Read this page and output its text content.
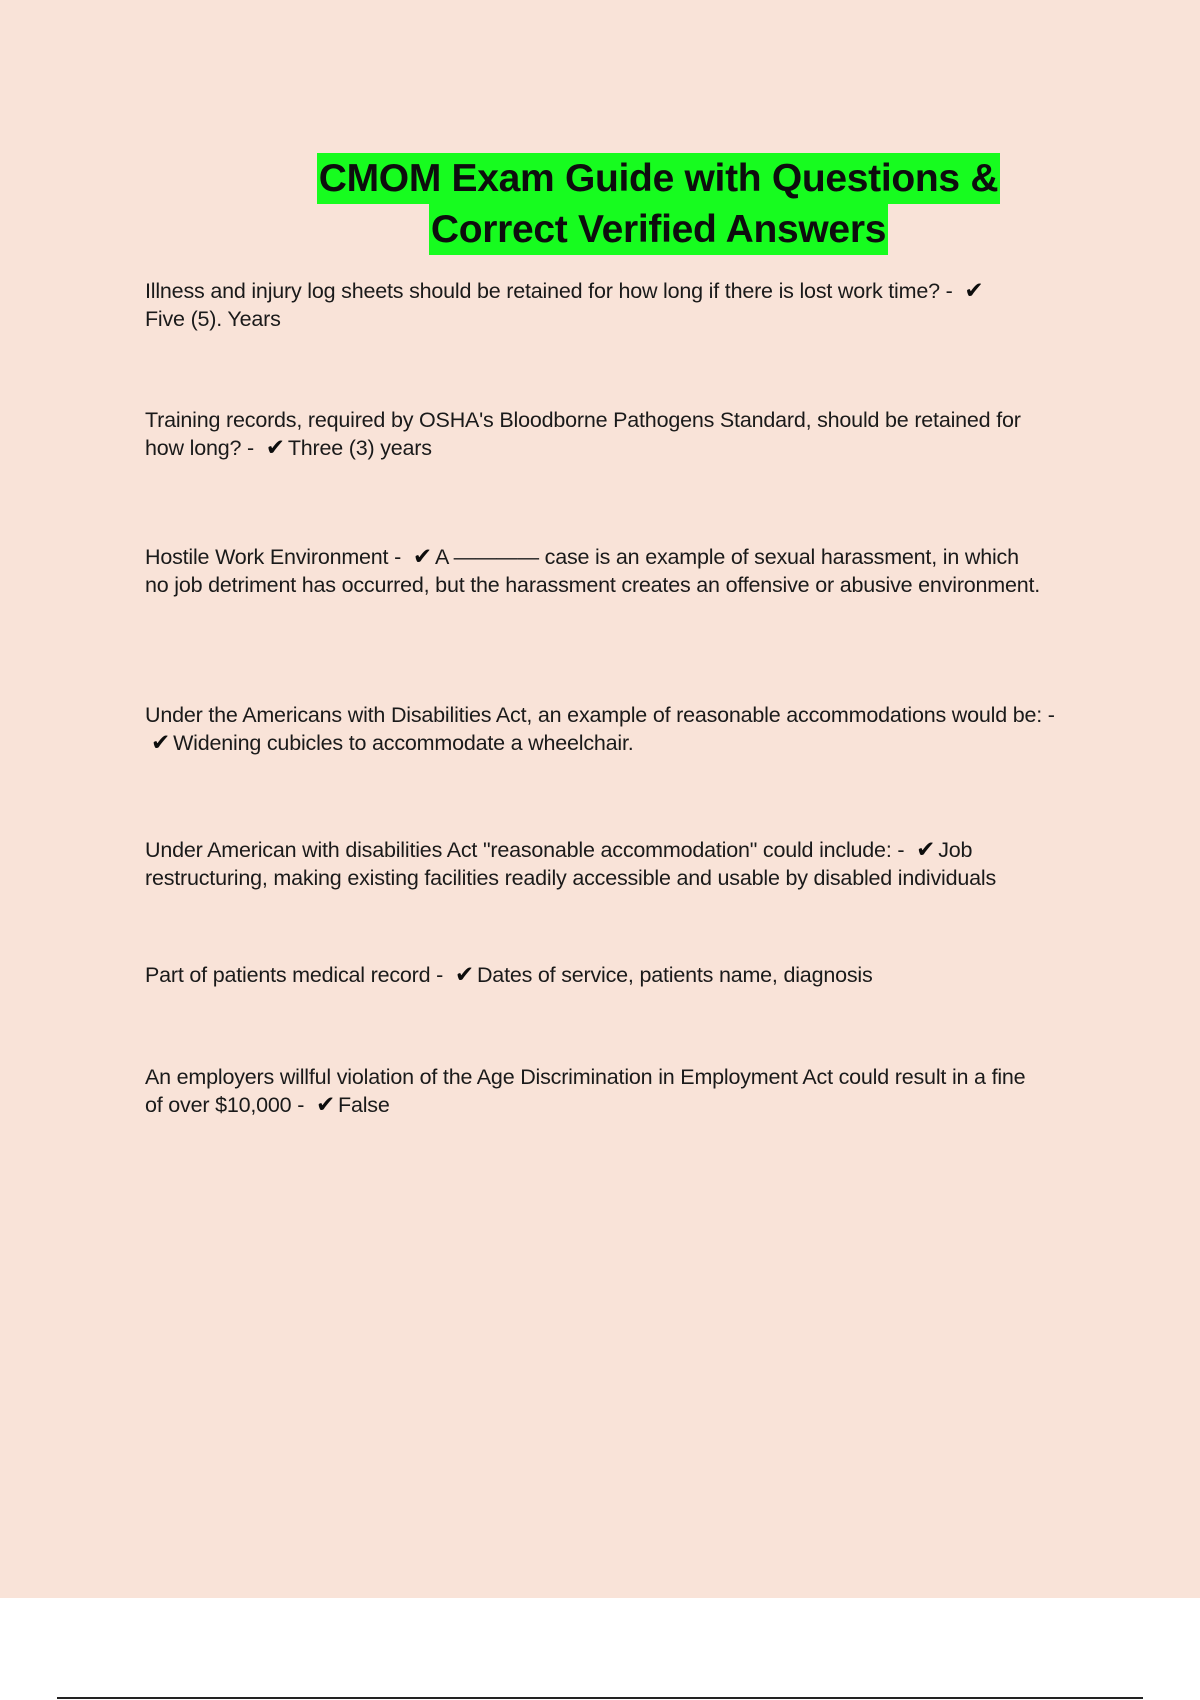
CMOM Exam Guide with Questions &
Correct Verified Answers

Illness and injury log sheets should be retained for how long if there is lost work time? - ✔Five (5). Years

Training records, required by OSHA's Bloodborne Pathogens Standard, should be retained for how long? - ✔ Three (3) years

Hostile Work Environment - ✔ A ———— case is an example of sexual harassment, in which no job detriment has occurred, but the harassment creates an offensive or abusive environment.

Under the Americans with Disabilities Act, an example of reasonable accommodations would be: - ✔ Widening cubicles to accommodate a wheelchair.

Under American with disabilities Act "reasonable accommodation" could include: - ✔ Job restructuring, making existing facilities readily accessible and usable by disabled individuals

Part of patients medical record - ✔ Dates of service, patients name, diagnosis

An employers willful violation of the Age Discrimination in Employment Act could result in a fine of over $10,000 - ✔ False
